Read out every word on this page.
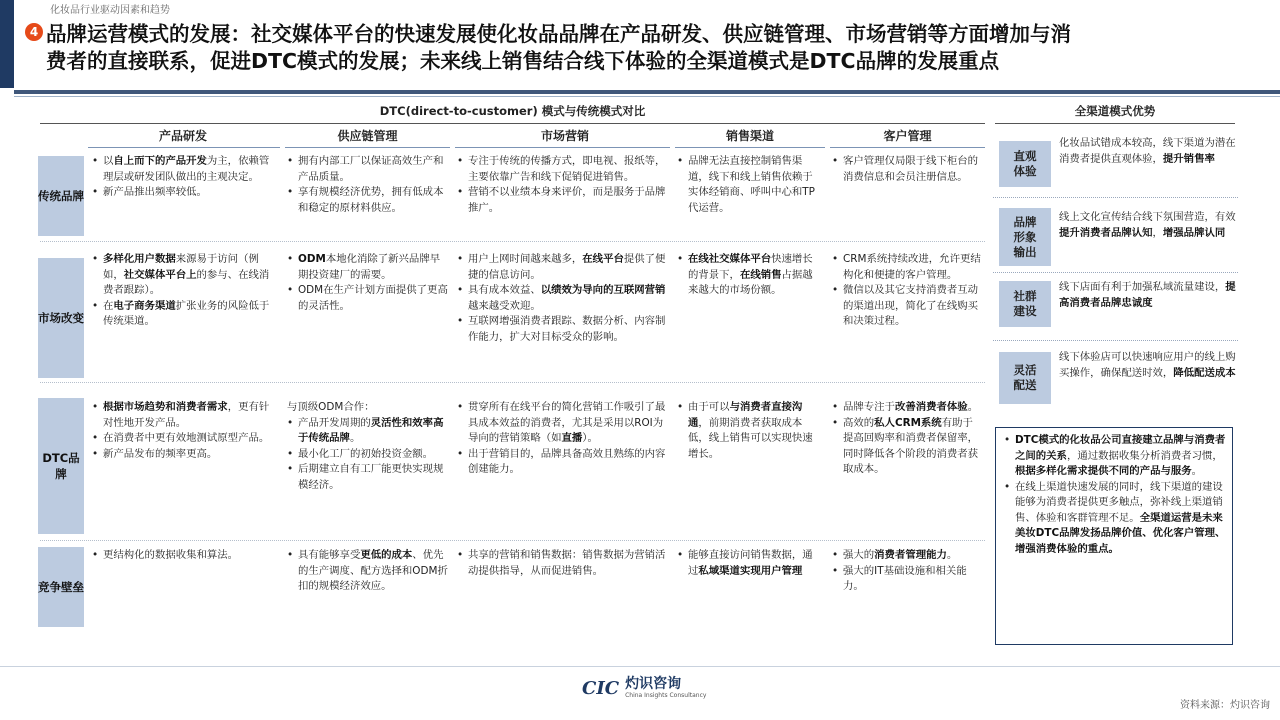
化妆品行业驱动因素和趋势
4 品牌运营模式的发展：社交媒体平台的快速发展使化妆品品牌在产品研发、供应链管理、市场营销等方面增加与消
费者的直接联系，促进DTC模式的发展；未来线上销售结合线下体验的全渠道模式是DTC品牌的发展重点
DTC(direct-to-customer) 模式与传统模式对比
产品研发	供应链管理	市场营销	销售渠道	客户管理
传统品牌
市场改变
DTC品牌
竞争壁垒
• 以自上而下的产品开发为主，依赖管理层或研发团队做出的主观决定。
• 新产品推出频率较低。
• 拥有内部工厂以保证高效生产和产品质量。
• 享有规模经济优势，拥有低成本和稳定的原材料供应。
• 专注于传统的传播方式，即电视、报纸等，主要依靠广告和线下促销促进销售。
• 营销不以业绩本身来评价，而是服务于品牌推广。
• 品牌无法直接控制销售渠道，线下和线上销售依赖于实体经销商、呼叫中心和TP代运营。
• 客户管理仅局限于线下柜台的消费信息和会员注册信息。
• 多样化用户数据来源易于访问（例如，社交媒体平台上的参与、在线消费者跟踪）。
• 在电子商务渠道扩张业务的风险低于传统渠道。
• ODM本地化消除了新兴品牌早期投资建厂的需要。
• ODM在生产计划方面提供了更高的灵活性。
• 用户上网时间越来越多，在线平台提供了便捷的信息访问。
• 具有成本效益、以绩效为导向的互联网营销越来越受欢迎。
• 互联网增强消费者跟踪、数据分析、内容制作能力，扩大对目标受众的影响。
• 在线社交媒体平台快速增长的背景下，在线销售占据越来越大的市场份额。
• CRM系统持续改进，允许更结构化和便捷的客户管理。
• 微信以及其它支持消费者互动的渠道出现，简化了在线购买和决策过程。
• 根据市场趋势和消费者需求，更有针对性地开发产品。
• 在消费者中更有效地测试原型产品。
• 新产品发布的频率更高。
与顶级ODM合作：
• 产品开发周期的灵活性和效率高于传统品牌。
• 最小化工厂的初始投资金额。
• 后期建立自有工厂能更快实现规模经济。
• 贯穿所有在线平台的简化营销工作吸引了最具成本效益的消费者，尤其是采用以ROI为导向的营销策略（如直播）。
• 出于营销目的，品牌具备高效且熟练的内容创建能力。
• 由于可以与消费者直接沟通，前期消费者获取成本低，线上销售可以实现快速增长。
• 品牌专注于改善消费者体验。
• 高效的私人CRM系统有助于提高回购率和消费者保留率，同时降低各个阶段的消费者获取成本。
• 更结构化的数据收集和算法。
•	具有能够享受更低的成本、优先的生产调度、配方选择和ODM折扣的规模经济效应。
• 共享的营销和销售数据：销售数据为营销活动提供指导，从而促进销售。
• 能够直接访问销售数据，通过私域渠道实现用户管理
• 强大的消费者管理能力。
• 强大的IT基础设施和相关能力。
全渠道模式优势
直观体验
化妆品试错成本较高，线下渠道为潜在消费者提供直观体验，提升销售率
品牌形象输出
线上文化宣传结合线下氛围营造，有效提升消费者品牌认知，增强品牌认同
社群建设
线下店面有利于加强私域流量建设，提高消费者品牌忠诚度
灵活配送
线下体验店可以快速响应用户的线上购买操作，确保配送时效，降低配送成本
• DTC模式的化妆品公司直接建立品牌与消费者之间的关系，通过数据收集分析消费者习惯，根据多样化需求提供不同的产品与服务。
• 在线上渠道快速发展的同时，线下渠道的建设能够为消费者提供更多触点，弥补线上渠道销售、体验和客群管理不足。全渠道运营是未来美妆DTC品牌发扬品牌价值、优化客户管理、增强消费体验的重点。
CIC 灼识咨询
China Insights Consultancy
资料来源：灼识咨询
